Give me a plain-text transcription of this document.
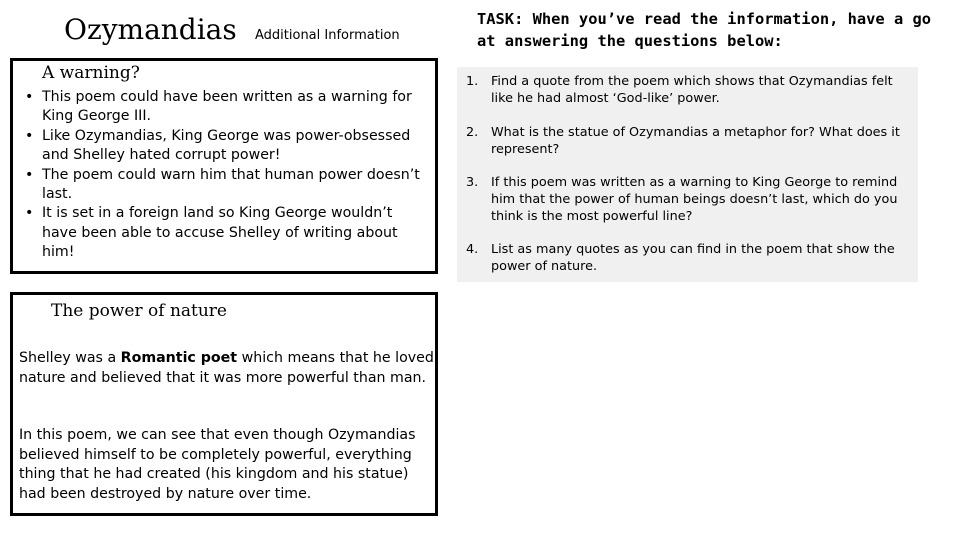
Ozymandias Additional Information
A warning?
• This poem could have been written as a warning for King George III.
• Like Ozymandias, King George was power-obsessed and Shelley hated corrupt power!
• The poem could warn him that human power doesn’t last.
• It is set in a foreign land so King George wouldn’t have been able to accuse Shelley of writing about him!
The power of nature

Shelley was a Romantic poet which means that he loved nature and believed that it was more powerful than man.

In this poem, we can see that even though Ozymandias believed himself to be completely powerful, everything thing that he had created (his kingdom and his statue) had been destroyed by nature over time.

TASK: When you’ve read the information, have a go at answering the questions below:
1. Find a quote from the poem which shows that Ozymandias felt like he had almost ‘God-like’ power.
2. What is the statue of Ozymandias a metaphor for? What does it represent?
3. If this poem was written as a warning to King George to remind him that the power of human beings doesn’t last, which do you think is the most powerful line?
4. List as many quotes as you can find in the poem that show the power of nature.
